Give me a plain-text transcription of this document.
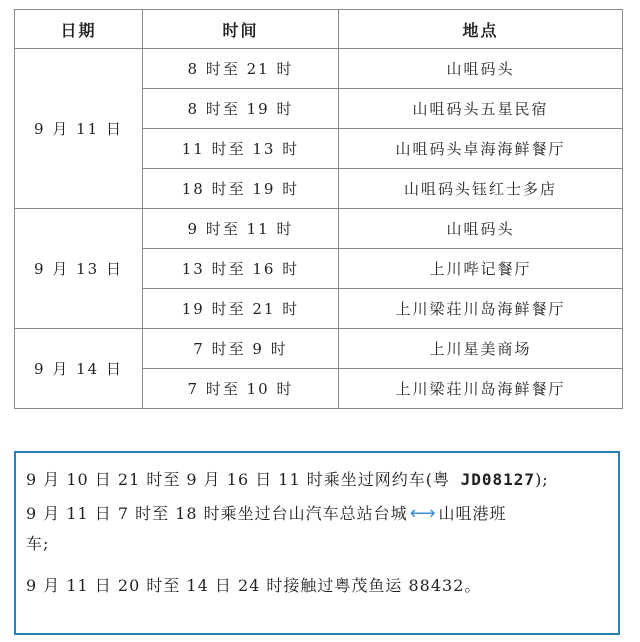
日期	时间	地点
9 月 11 日	8 时至 21 时	山咀码头
	8 时至 19 时	山咀码头五星民宿
	11 时至 13 时	山咀码头卓海海鲜餐厅
	18 时至 19 时	山咀码头钰红士多店
9 月 13 日	9 时至 11 时	山咀码头
	13 时至 16 时	上川哔记餐厅
	19 时至 21 时	上川梁荘川岛海鲜餐厅
9 月 14 日	7 时至 9 时	上川星美商场
	7 时至 10 时	上川梁荘川岛海鲜餐厅

9 月 10 日 21 时至 9 月 16 日 11 时乘坐过网约车(粤 JD08127);

9 月 11 日 7 时至 18 时乘坐过台山汽车总站台城 ⟷ 山咀港班

车;

9 月 11 日 20 时至 14 日 24 时接触过粤茂鱼运 88432。
